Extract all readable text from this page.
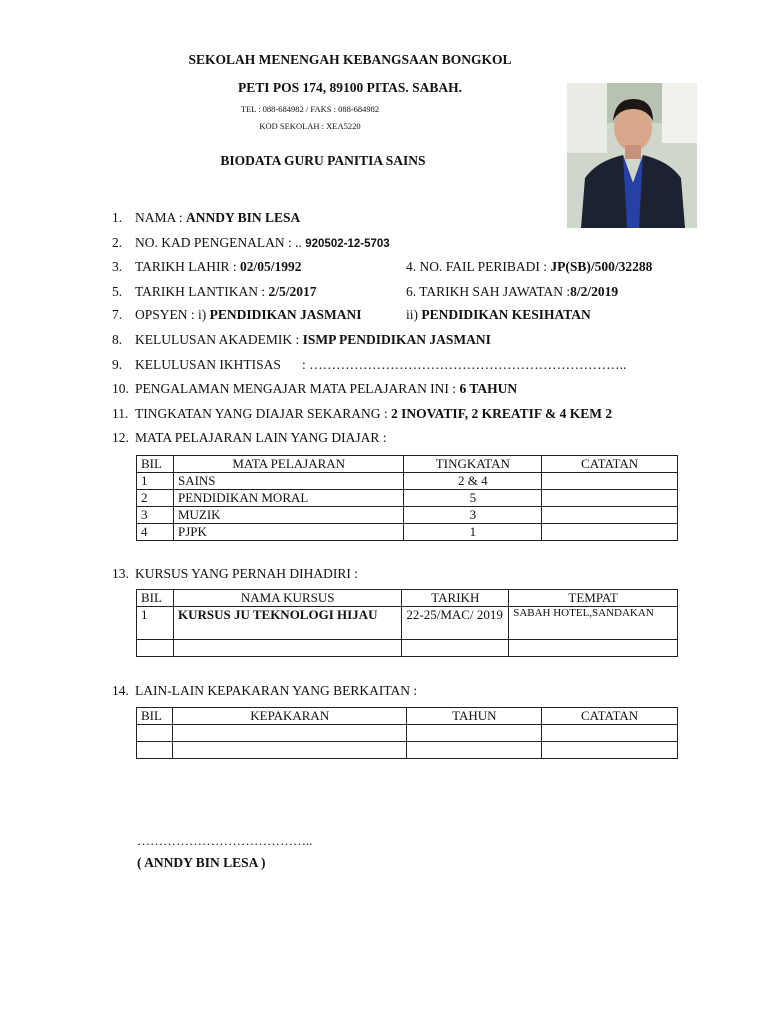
SEKOLAH MENENGAH KEBANGSAAN BONGKOL
PETI POS 174, 89100 PITAS. SABAH.
TEL : 088-684982 / FAKS : 088-684982
KOD SEKOLAH : XEA5220
BIODATA GURU PANITIA SAINS
1. NAMA : ANNDY BIN LESA
2. NO. KAD PENGENALAN : .. 920502-12-5703
3. TARIKH LAHIR : 02/05/1992	4. NO. FAIL PERIBADI : JP(SB)/500/32288
5. TARIKH LANTIKAN : 2/5/2017	6. TARIKH SAH JAWATAN :8/2/2019
7. OPSYEN : i) PENDIDIKAN JASMANI	ii) PENDIDIKAN KESIHATAN
8. KELULUSAN AKADEMIK : ISMP PENDIDIKAN JASMANI
9. KELULUSAN IKHTISAS : ……………………………………………………………..
10. PENGALAMAN MENGAJAR MATA PELAJARAN INI : 6 TAHUN
11. TINGKATAN YANG DIAJAR SEKARANG : 2 INOVATIF, 2 KREATIF & 4 KEM 2
12. MATA PELAJARAN LAIN YANG DIAJAR :
BIL	MATA PELAJARAN	TINGKATAN	CATATAN
1	SAINS	2 & 4	
2	PENDIDIKAN MORAL	5	
3	MUZIK	3	
4	PJPK	1	
13. KURSUS YANG PERNAH DIHADIRI :
BIL	NAMA KURSUS	TARIKH	TEMPAT
1	KURSUS JU TEKNOLOGI HIJAU	22-25/MAC/ 2019	SABAH HOTEL,SANDAKAN

14. LAIN-LAIN KEPAKARAN YANG BERKAITAN :
BIL	KEPAKARAN	TAHUN	CATATAN

…………………………………..
( ANNDY BIN LESA )
